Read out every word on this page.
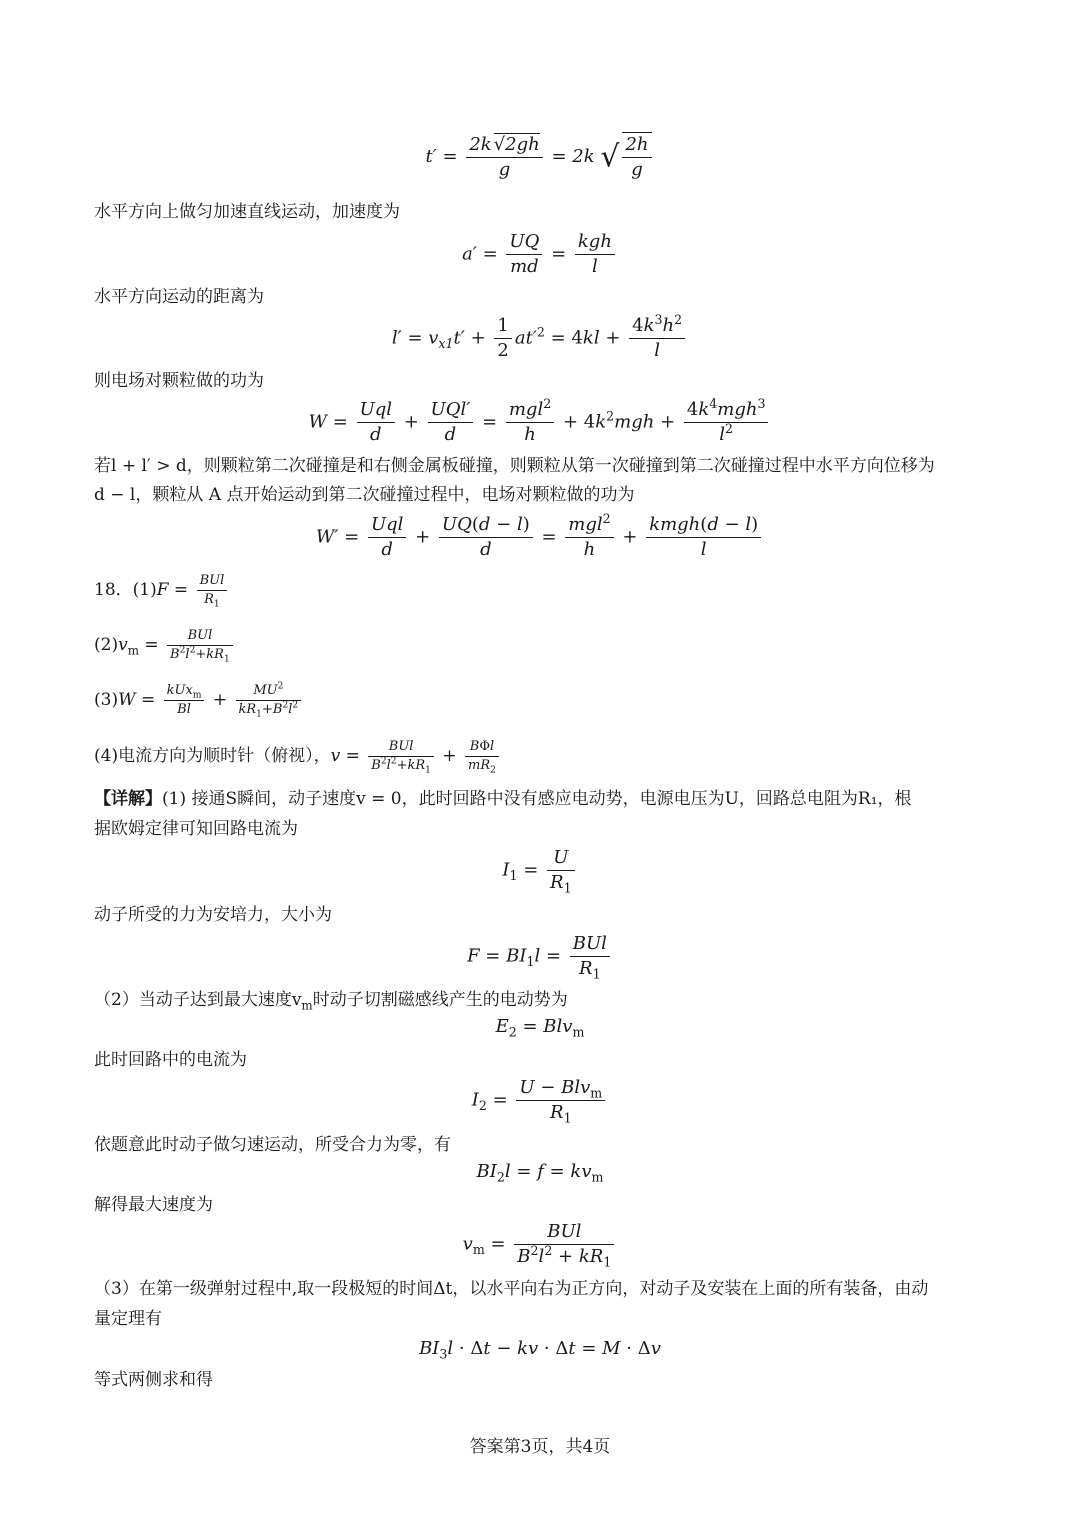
$t' = \frac{2k √2gh}{g} = 2k$ √ $\frac{2h}{g}$
水平方向上做匀加速直线运动，加速度为
$a' = \frac{UQ}{md} = \frac{\text{kgh}}{l}$
水平方向运动的距离为
$l' = v_{x1}t' + \frac{1}{2} at'^2 = 4kl + \frac{4k^3h^2}{l}$
则电场对颗粒做的功为
$W = \frac{\text{Uql}}{d} + \frac{\text{UQl′}}{d} = \frac{mgl^2}{h} + 4k^2mgh + \frac{4k^4mgh^3}{l^2}$
若l + l′ > d，则颗粒第二次碰撞是和右侧金属板碰撞，则颗粒从第一次碰撞到第二次碰撞过程中水平方向位移为
d − l，颗粒从 A 点开始运动到第二次碰撞过程中，电场对颗粒做的功为
$W' = \frac{\text{Uql}}{d} + \frac{UQ(d - l)}{d} = \frac{mgl^2}{h} + \frac{\text{kmgh(d − l)}}{l}$
18．$(1)F = \frac{\text{BUl}}{R_1}$
$(2)v_m = \frac{\text{BUl}}{B^2l^2+kR_1}$
$(3)W = \frac{kUx_m}{Bl} + \frac{MU^2}{kR_1+B^2l^2}$
(4)电流方向为顺时针（俯视），$v = \frac{\text{BUl}}{B^2l^2+kR_1} + \frac{\text{BΦl}}{mR_2}$
【详解】(1) 接通S瞬间，动子速度v = 0，此时回路中没有感应电动势，电源电压为U，回路总电阻为R₁，根
据欧姆定律可知回路电流为
$I_1 = \frac{U}{R_1}$
动子所受的力为安培力，大小为
$F = BI_1l = \frac{\text{BUl}}{R_1}$
（2）当动子达到最大速度$v_m$时动子切割磁感线产生的电动势为
$E_2 = Blv_m$
此时回路中的电流为
$I_2 = \frac{U - Blv_m}{R_1}$
依题意此时动子做匀速运动，所受合力为零，有
$BI_2l = f = kv_m$
解得最大速度为
$v_m = \frac{\text{BUl}}{B^2l^2 + kR_1}$
（3）在第一级弹射过程中,取一段极短的时间Δt，以水平向右为正方向，对动子及安装在上面的所有装备，由动
量定理有
$BI_3l \cdot \Delta t$ − kv · Δt = M · Δv
等式两侧求和得
答案第3页，共4页
